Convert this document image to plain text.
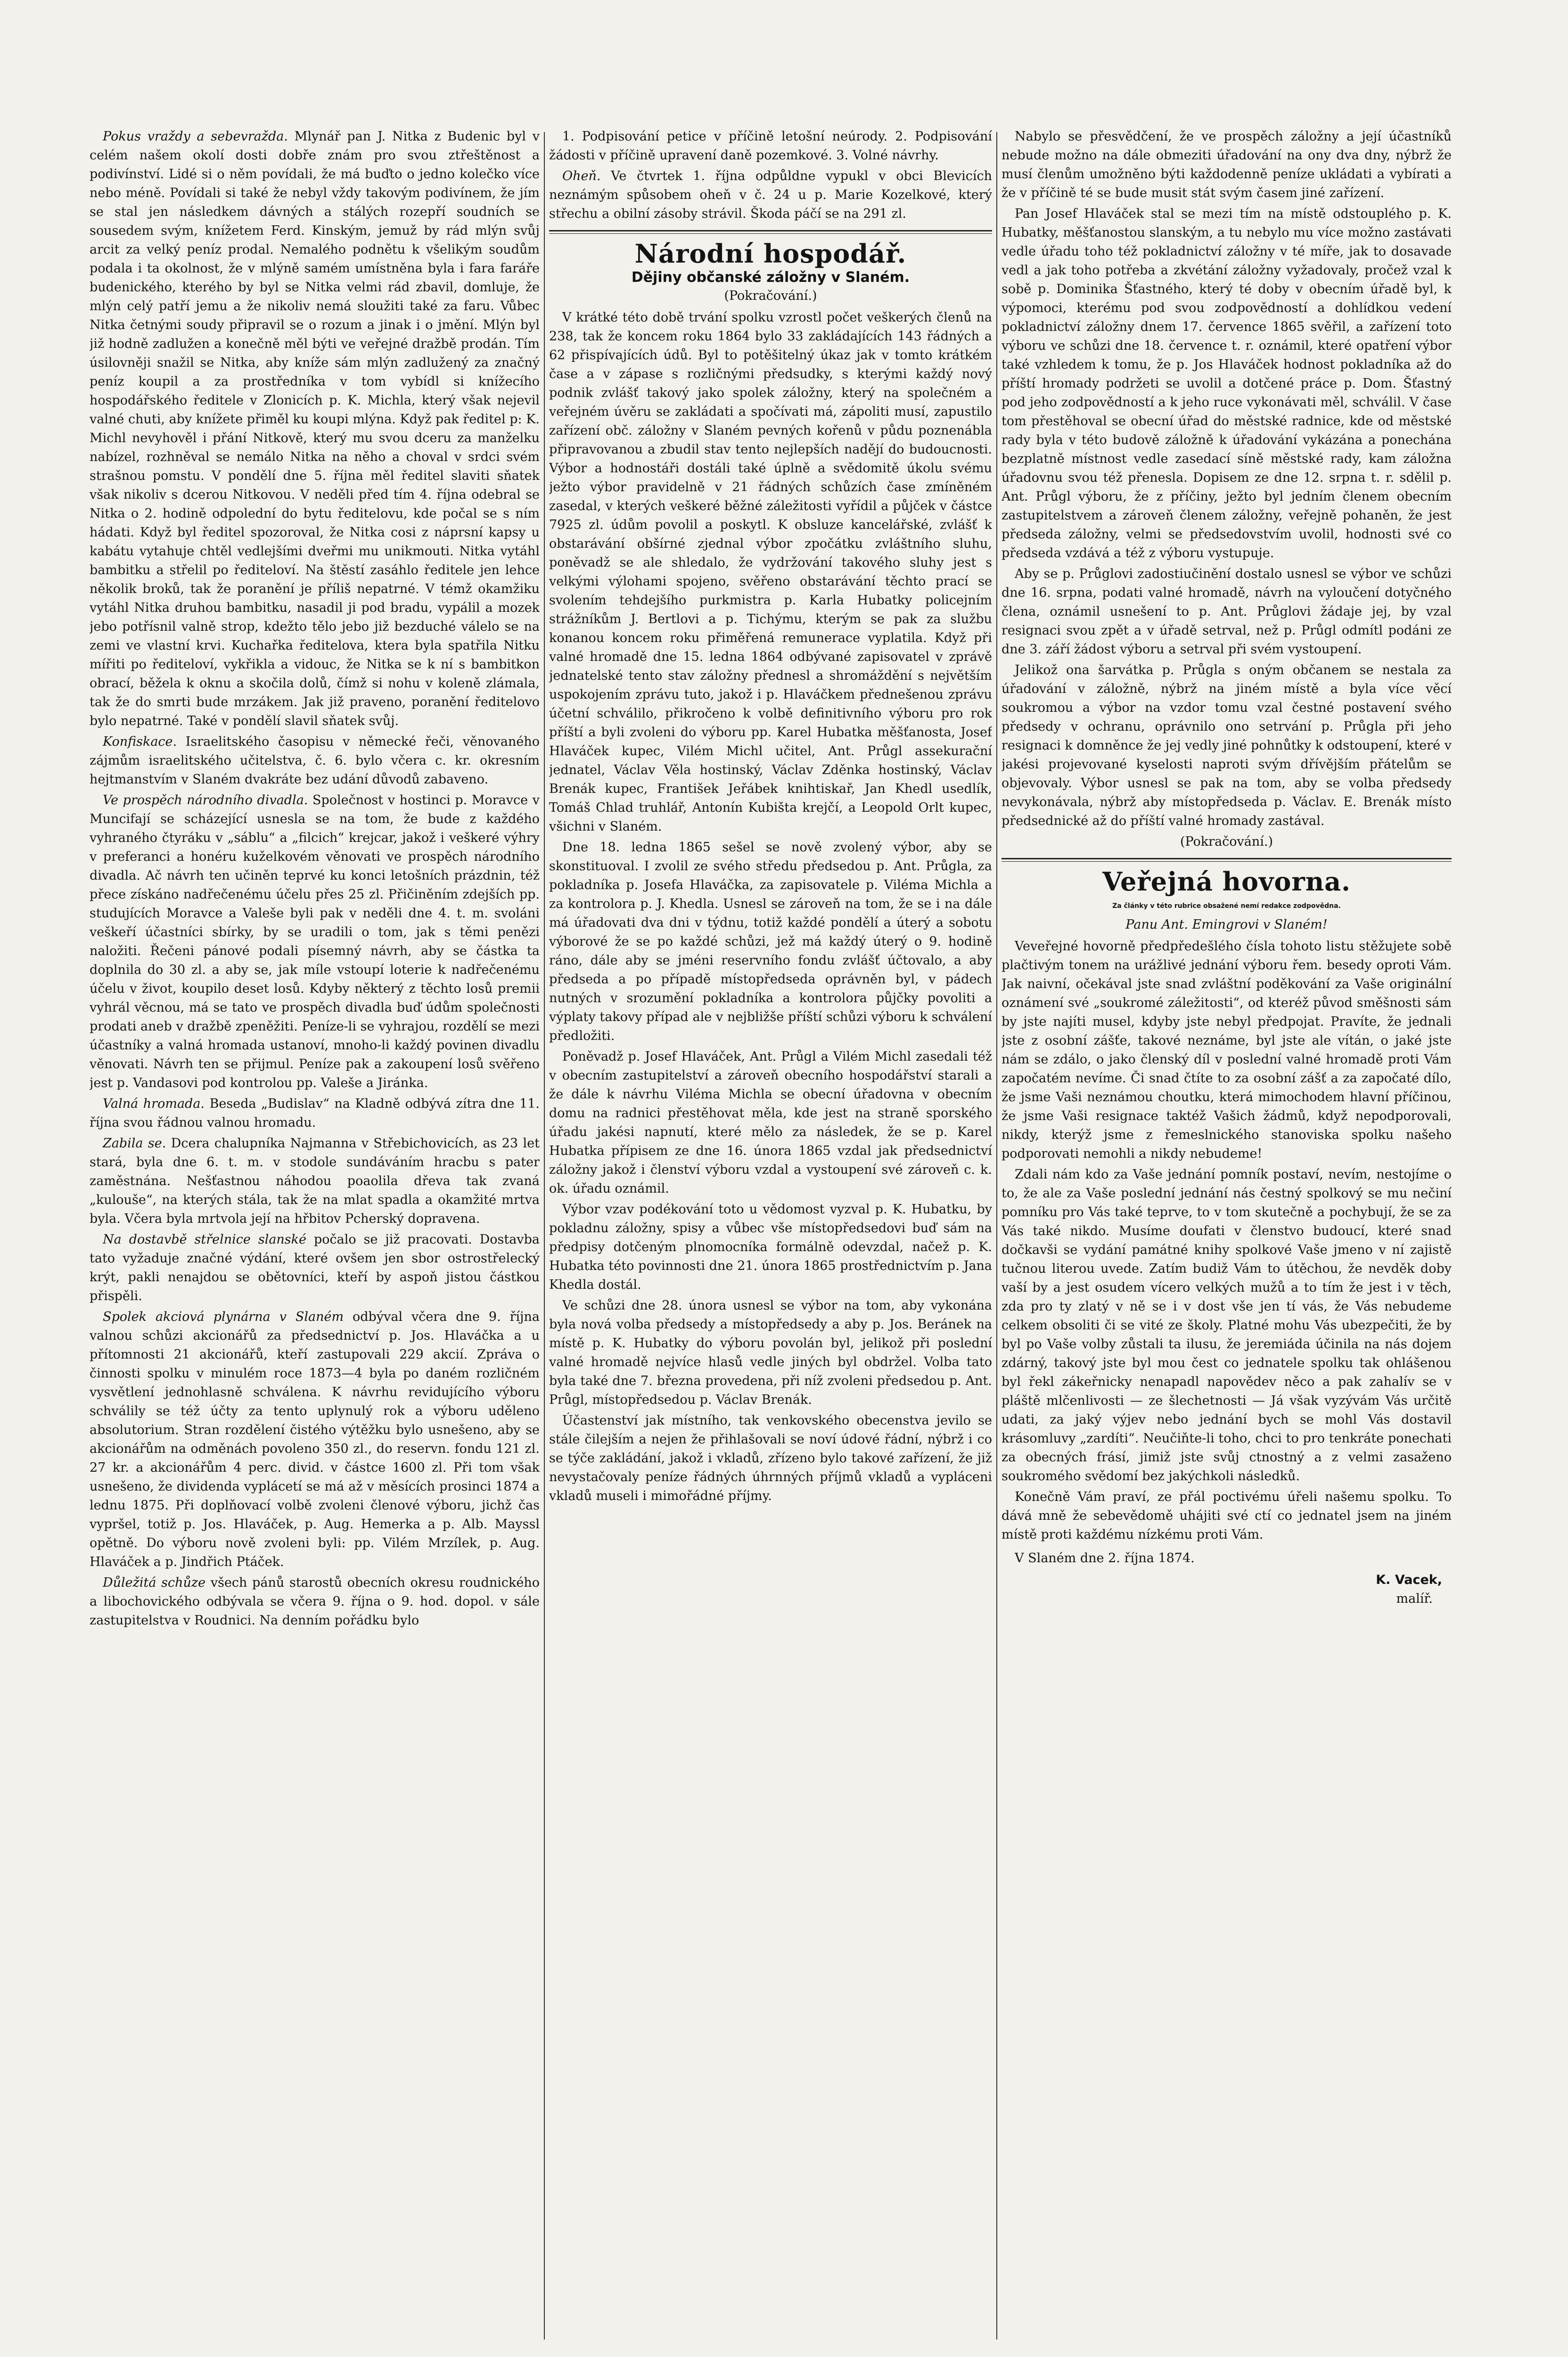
Pokus vraždy a sebevražda. Mlynář pan J. Nitka z Budenic byl v celém našem okolí dosti dobře znám pro svou ztřeštěnost a podivínství. Lidé si o něm povídali, že má buďto o jedno kolečko více nebo méně. Povídali si také že nebyl vždy takovým podivínem, že jím se stal jen následkem dávných a stálých rozepří soudních se sousedem svým, knížetem Ferd. Kinským, jemuž by rád mlýn svůj arcit za velký peníz prodal. Nemalého podnětu k všelikým soudům podala i ta okolnost, že v mlýně samém umístněna byla i fara faráře budenického, kterého by byl se Nitka velmi rád zbavil, domluje, že mlýn celý patří jemu a že nikoliv nemá sloužiti také za faru. Vůbec Nitka četnými soudy připravil se o rozum a jinak i o jmění. Mlýn byl již hodně zadlužen a konečně měl býti ve veřejné dražbě prodán. Tím úsilovněji snažil se Nitka, aby kníže sám mlýn zadlužený za značný peníz koupil a za prostředníka v tom vybídl si knížecího hospodářského ředitele v Zlonicích p. K. Michla, který však nejevil valné chuti, aby knížete přiměl ku koupi mlýna. Když pak ředitel p: K. Michl nevyhověl i přání Nitkově, který mu svou dceru za manželku nabízel, rozhněval se nemálo Nitka na něho a choval v srdci svém strašnou pomstu. V pondělí dne 5. října měl ředitel slaviti sňatek však nikoliv s dcerou Nitkovou. V neděli před tím 4. října odebral se Nitka o 2. hodině odpolední do bytu ředitelovu, kde počal se s ním hádati. Když byl ředitel spozoroval, že Nitka cosi z náprsní kapsy u kabátu vytahuje chtěl vedlejšími dveřmi mu unikmouti. Nitka vytáhl bambitku a střelil po řediteloví. Na štěstí zasáhlo ředitele jen lehce několik broků, tak že poranění je příliš nepatrné. V témž okamžiku vytáhl Nitka druhou bambitku, nasadil ji pod bradu, vypálil a mozek jebo potřísnil valně strop, kdežto tělo jebo již bezduché válelo se na zemi ve vlastní krvi. Kuchařka ředitelova, ktera byla spatřila Nitku mířiti po řediteloví, vykřikla a vidouc, že Nitka se k ní s bambitkon obrací, běžela k oknu a skočila dolů, čímž si nohu v koleně zlámala, tak že do smrti bude mrzákem. Jak již praveno, poranění ředitelovo bylo nepatrné. Také v pondělí slavil sňatek svůj.

Konfiskace. Israelitského časopisu v německé řeči, věnovaného zájmům israelitského učitelstva, č. 6. bylo včera c. kr. okresním hejtmanstvím v Slaném dvakráte bez udání důvodů zabaveno.

Ve prospěch národního divadla. Společnost v hostinci p. Moravce v Muncifají se scházející usnesla se na tom, že bude z každého vyhraného čtyráku v „sáblu“ a „filcich“ krejcar, jakož i veškeré výhry v preferanci a honéru kuželkovém věnovati ve prospěch národního divadla. Ač návrh ten učiněn teprvé ku konci letošních prázdnin, též přece získáno nadřečenému účelu přes 25 zl. Přičiněním zdejších pp. studujících Moravce a Valeše byli pak v neděli dne 4. t. m. svoláni veškeří účastníci sbírky, by se uradili o tom, jak s těmi penězi naložiti. Řečeni pánové podali písemný návrh, aby se částka ta doplnila do 30 zl. a aby se, jak míle vstoupí loterie k nadřečenému účelu v život, koupilo deset losů. Kdyby některý z těchto losů premii vyhrál věcnou, má se tato ve prospěch divadla buď údům společnosti prodati aneb v dražbě zpeněžiti. Peníze-li se vyhrajou, rozdělí se mezi účastníky a valná hromada ustanoví, mnoho-li každý povinen divadlu věnovati. Návrh ten se přijmul. Peníze pak a zakoupení losů svěřeno jest p. Vandasovi pod kontrolou pp. Valeše a Jiránka.

Valná hromada. Beseda „Budislav“ na Kladně odbývá zítra dne 11. října svou řádnou valnou hromadu.

Zabila se. Dcera chalupníka Najmanna v Střebichovicích, as 23 let stará, byla dne 6. t. m. v stodole sundáváním hracbu s pater zaměstnána. Nešťastnou náhodou poaolila dřeva tak zvaná „kulouše“, na kterých stála, tak že na mlat spadla a okamžité mrtva byla. Včera byla mrtvola její na hřbitov Pcherský dopravena.

Na dostavbě střelnice slanské počalo se již pracovati. Dostavba tato vyžaduje značné výdání, které ovšem jen sbor ostrostřelecký krýt, pakli nenajdou se obětovníci, kteří by aspoň jistou částkou přispěli.

Spolek akciová plynárna v Slaném odbýval včera dne 9. října valnou schůzi akcionářů za předsednictví p. Jos. Hlaváčka a u přítomnosti 21 akcionářů, kteří zastupovali 229 akcií. Zpráva o činnosti spolku v minulém roce 1873—4 byla po daném rozličném vysvětlení jednohlasně schválena. K návrhu revidujícího výboru schválily se též účty za tento uplynulý rok a výboru uděleno absolutorium. Stran rozdělení čistého výtěžku bylo usnešeno, aby se akcionářům na odměnách povoleno 350 zl., do reservn. fondu 121 zl. 27 kr. a akcionářům 4 perc. divid. v částce 1600 zl. Při tom však usnešeno, že dividenda vyplácetí se má až v měsících prosinci 1874 a lednu 1875. Při doplňovací volbě zvoleni členové výboru, jichž čas vypršel, totiž p. Jos. Hlaváček, p. Aug. Hemerka a p. Alb. Mayssl opětně. Do výboru nově zvoleni byli: pp. Vilém Mrzílek, p. Aug. Hlaváček a p. Jindřich Ptáček.

Důležitá schůze všech pánů starostů obecních okresu roudnického a libochovického odbývala se včera 9. října o 9. hod. dopol. v sále zastupitelstva v Roudnici. Na denním pořádku bylo

1. Podpisování petice v příčině letošní neúrody. 2. Podpisování žádosti v příčině upravení daně pozemkové. 3. Volné návrhy.

Oheň. Ve čtvrtek 1. října odpůldne vypukl v obci Blevicích neznámým spůsobem oheň v č. 24 u p. Marie Kozelkové, který střechu a obilní zásoby strávil. Škoda páčí se na 291 zl.

Národní hospodář.
Dějiny občanské záložny v Slaném.
(Pokračování.)

V krátké této době trvání spolku vzrostl počet veškerých členů na 238, tak že koncem roku 1864 bylo 33 zakládajících 143 řádných a 62 přispívajících údů. Byl to potěšitelný úkaz jak v tomto krátkém čase a v zápase s rozličnými předsudky, s kterými každý nový podnik zvlášť takový jako spolek záložny, který na společném a veřejném úvěru se zakládati a spočívati má, zápoliti musí, zapustilo zařízení obč. záložny v Slaném pevných kořenů v půdu poznenábla připravovanou a zbudil stav tento nejlepších nadějí do budoucnosti. Výbor a hodnostáři dostáli také úplně a svědomitě úkolu svému ježto výbor pravidelně v 21 řádných schůzích čase zmíněném zasedal, v kterých veškeré běžné záležitosti vyřídil a půjček v částce 7925 zl. údům povolil a poskytl. K obsluze kancelářské, zvlášť k obstarávání obšírné zjednal výbor zpočátku zvláštního sluhu, poněvadž se ale shledalo, že vydržování takového sluhy jest s velkými výlohami spojeno, svěřeno obstarávání těchto prací se svolením tehdejšího purkmistra p. Karla Hubatky policejním strážníkům J. Bertlovi a p. Tichýmu, kterým se pak za službu konanou koncem roku přiměřená remunerace vyplatila. Když při valné hromadě dne 15. ledna 1864 odbývané zapisovatel v zprávě jednatelské tento stav záložny přednesl a shromáždění s největším uspokojením zprávu tuto, jakož i p. Hlaváčkem přednešenou zprávu účetní schválilo, přikročeno k volbě definitivního výboru pro rok příští a byli zvoleni do výboru pp. Karel Hubatka měšťanosta, Josef Hlaváček kupec, Vilém Michl učitel, Ant. Průgl assekurační jednatel, Václav Věla hostinský, Václav Zděnka hostinský, Václav Brenák kupec, František Jeřábek knihtiskař, Jan Khedl usedlík, Tomáš Chlad truhlář, Antonín Kubišta krejčí, a Leopold Orlt kupec, všichni v Slaném.

Dne 18. ledna 1865 sešel se nově zvolený výbor, aby se skonstituoval. I zvolil ze svého středu předsedou p. Ant. Průgla, za pokladníka p. Josefa Hlaváčka, za zapisovatele p. Viléma Michla a za kontrolora p. J. Khedla. Usnesl se zároveň na tom, že se i na dále má úřadovati dva dni v týdnu, totiž každé pondělí a úterý a sobotu výborové že se po každé schůzi, jež má každý úterý o 9. hodině ráno, dále aby se jméni reservního fondu zvlášť účtovalo, a aby předseda a po případě místopředseda oprávněn byl, v pádech nutných v srozumění pokladníka a kontrolora půjčky povoliti a výplaty takovy případ ale v nejbližše příští schůzi výboru k schválení předložiti.

Poněvadž p. Josef Hlaváček, Ant. Průgl a Vilém Michl zasedali též v obecním zastupitelství a zároveň obecního hospodářství starali a že dále k návrhu Viléma Michla se obecní úřadovna v obecním domu na radnici přestěhovat měla, kde jest na straně sporského úřadu jakési napnutí, které mělo za následek, že se p. Karel Hubatka přípisem ze dne 16. února 1865 vzdal jak předsednictví záložny jakož i členství výboru vzdal a vystoupení své zároveň c. k. ok. úřadu oznámil.

Výbor vzav podékování toto u vědomost vyzval p. K. Hubatku, by pokladnu záložny, spisy a vůbec vše místopředsedovi buď sám na předpisy dotčeným plnomocníka formálně odevzdal, načež p. K. Hubatka této povinnosti dne 21. února 1865 prostřednictvím p. Jana Khedla dostál.

Ve schůzi dne 28. února usnesl se výbor na tom, aby vykonána byla nová volba předsedy a místopředsedy a aby p. Jos. Beránek na místě p. K. Hubatky do výboru povolán byl, jelikož při poslední valné hromadě nejvíce hlasů vedle jiných byl obdržel. Volba tato byla také dne 7. března provedena, při níž zvoleni předsedou p. Ant. Průgl, místopředsedou p. Václav Brenák.

Účastenství jak místního, tak venkovského obecenstva jevilo se stále čilejším a nejen že přihlašovali se noví údové řádní, nýbrž i co se týče zakládání, jakož i vkladů, zřízeno bylo takové zařízení, že již nevystačovaly peníze řádných úhrnných příjmů vkladů a vypláceni vkladů museli i mimořádné příjmy.

Nabylo se přesvědčení, že ve prospěch záložny a její účastníků nebude možno na dále obmeziti úřadování na ony dva dny, nýbrž že musí členům umožněno býti každodenně peníze ukládati a vybírati a že v příčině té se bude musit stát svým časem jiné zařízení.

Pan Josef Hlaváček stal se mezi tím na místě odstouplého p. K. Hubatky, měšťanostou slanským, a tu nebylo mu více možno zastávati vedle úřadu toho též pokladnictví záložny v té míře, jak to dosavade vedl a jak toho potřeba a zkvétání záložny vyžadovaly, pročež vzal k sobě p. Dominika Šťastného, který té doby v obecním úřadě byl, k výpomoci, kterému pod svou zodpovědností a dohlídkou vedení pokladnictví záložny dnem 17. července 1865 svěřil, a zařízení toto výboru ve schůzi dne 18. července t. r. oznámil, které opatření výbor také vzhledem k tomu, že p. Jos Hlaváček hodnost pokladníka až do příští hromady podržeti se uvolil a dotčené práce p. Dom. Šťastný pod jeho zodpovědností a k jeho ruce vykonávati měl, schválil. V čase tom přestěhoval se obecní úřad do městské radnice, kde od městské rady byla v této budově záložně k úřadování vykázána a ponechána bezplatně místnost vedle zasedací síně městské rady, kam záložna úřadovnu svou též přenesla. Dopisem ze dne 12. srpna t. r. sdělil p. Ant. Průgl výboru, že z příčiny, ježto byl jedním členem obecním zastupitelstvem a zároveň členem záložny, veřejně pohaněn, že jest předseda záložny, velmi se předsedovstvím uvolil, hodnosti své co předseda vzdává a též z výboru vystupuje.

Aby se p. Průglovi zadostiučinění dostalo usnesl se výbor ve schůzi dne 16. srpna, podati valné hromadě, návrh na vyloučení dotyčného člena, oznámil usnešení to p. Ant. Průglovi žádaje jej, by vzal resignaci svou zpět a v úřadě setrval, než p. Průgl odmítl podáni ze dne 3. září žádost výboru a setrval při svém vystoupení.

Jelikož ona šarvátka p. Průgla s oným občanem se nestala za úřadování v záložně, nýbrž na jiném místě a byla více věcí soukromou a výbor na vzdor tomu vzal čestné postavení svého předsedy v ochranu, oprávnilo ono setrvání p. Průgla při jeho resignaci k domněnce že jej vedly jiné pohnůtky k odstoupení, které v jakési projevované kyselosti naproti svým dřívějším přátelům se objevovaly. Výbor usnesl se pak na tom, aby se volba předsedy nevykonávala, nýbrž aby místopředseda p. Václav. E. Brenák místo předsednické až do příští valné hromady zastával.

(Pokračování.)
Veřejná hovorna.
Za články v této rubrice obsažené nemí redakce zodpovědna.
Panu Ant. Emingrovi v Slaném!

Veveřejné hovorně předpředešlého čísla tohoto listu stěžujete sobě plačtivým tonem na urážlivé jednání výboru řem. besedy oproti Vám. Jak naivní, očekával jste snad zvláštní poděkování za Vaše originální oznámení své „soukromé záležitosti“, od kteréž původ směšnosti sám by jste najíti musel, kdyby jste nebyl předpojat. Pravíte, že jednali jste z osobní zášťe, takové neznáme, byl jste ale vítán, o jaké jste nám se zdálo, o jako členský díl v poslední valné hromadě proti Vám započatém nevíme. Či snad čtíte to za osobní zášť a za započaté dílo, že jsme Vaši neznámou choutku, která mimochodem hlavní příčinou, že jsme Vaši resignace taktéž Vašich žádmů, když nepodporovali, nikdy, kterýž jsme z řemeslnického stanoviska spolku našeho podporovati nemohli a nikdy nebudeme!

Zdali nám kdo za Vaše jednání pomník postaví, nevím, nestojíme o to, že ale za Vaše poslední jednání nás čestný spolkový se mu nečiní pomníku pro Vás také teprve, to v tom skutečně a pochybují, že se za Vás také nikdo. Musíme doufati v členstvo budoucí, které snad dočkavši se vydání památné knihy spolkové Vaše jmeno v ní zajistě tučnou literou uvede. Zatím budiž Vám to útěchou, že nevděk doby vaší by a jest osudem vícero velkých mužů a to tím že jest i v těch, zda pro ty zlatý v ně se i v dost vše jen tí vás, že Vás nebudeme celkem obsoliti či se vité ze školy. Platné mohu Vás ubezpečiti, že by byl po Vaše volby zůstali ta ilusu, že jeremiáda účinila na nás dojem zdárný, takový jste byl mou čest co jednatele spolku tak ohlášenou byl řekl zákeřnicky nenapadl napovědev něco a pak zahalív se v pláště mlčenlivosti — ze šlechetnosti — Já však vyzývám Vás určitě udati, za jaký výjev nebo jednání bych se mohl Vás dostavil krásomluvy „zardíti“. Neučiňte-li toho, chci to pro tenkráte ponechati za obecných frásí, jimiž jste svůj ctnostný a z velmi zasaženo soukromého svědomí bez jakýchkoli následků.

Konečně Vám praví, ze přál poctivému úřeli našemu spolku. To dává mně že sebevědomě uhájiti své ctí co jednatel jsem na jiném místě proti každému nízkému proti Vám.

V Slaném dne 2. října 1874.

K. Vacek,
malíř.
